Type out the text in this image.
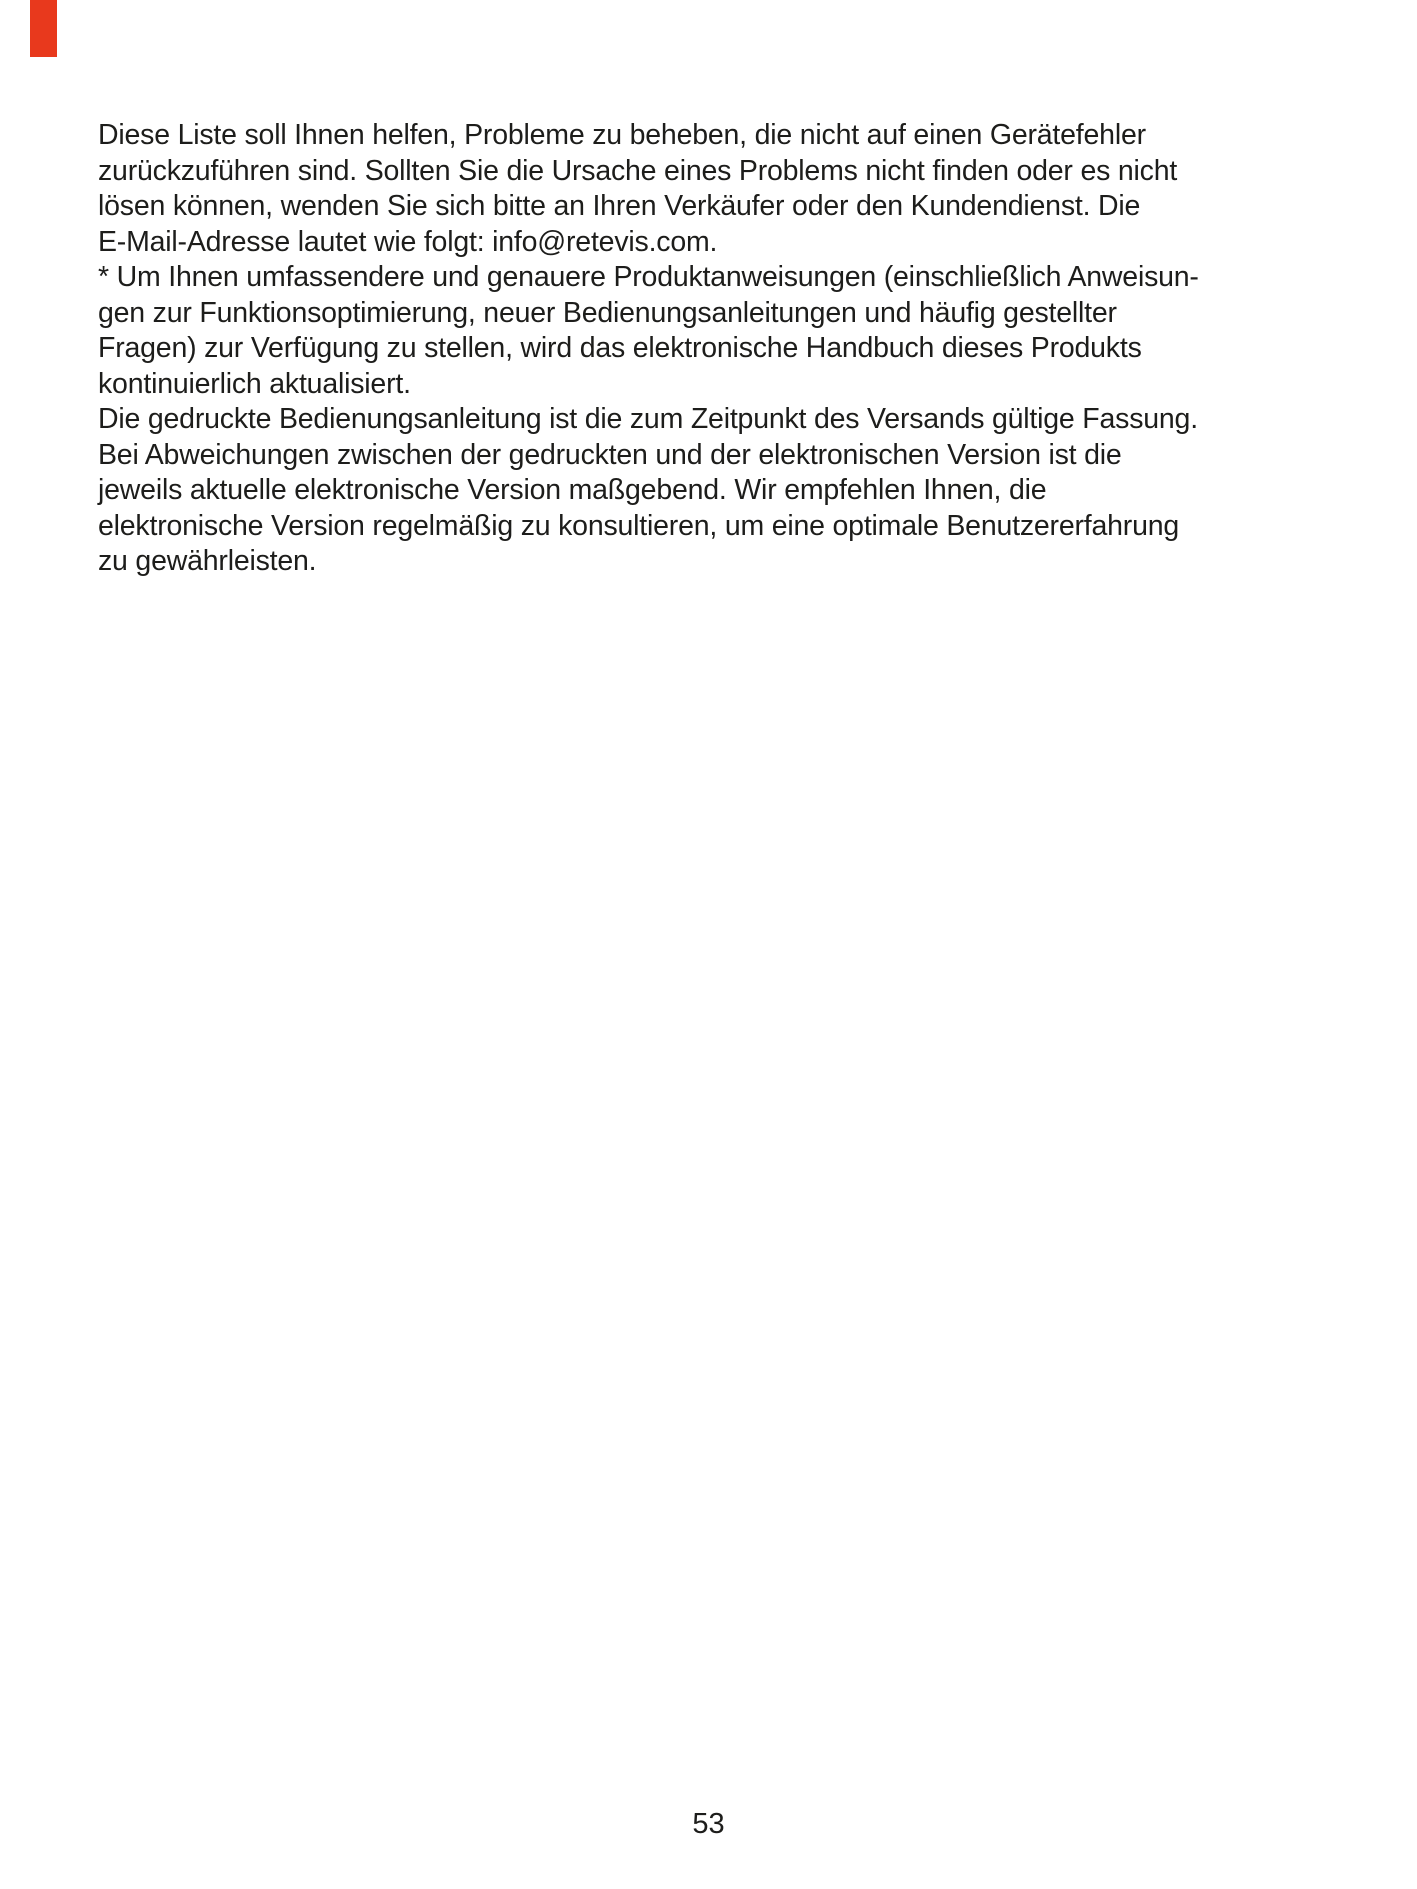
Diese Liste soll Ihnen helfen, Probleme zu beheben, die nicht auf einen Gerätefehler
zurückzuführen sind. Sollten Sie die Ursache eines Problems nicht finden oder es nicht
lösen können, wenden Sie sich bitte an Ihren Verkäufer oder den Kundendienst. Die
E-Mail-Adresse lautet wie folgt: info@retevis.com.
* Um Ihnen umfassendere und genauere Produktanweisungen (einschließlich Anweisun-
gen zur Funktionsoptimierung, neuer Bedienungsanleitungen und häufig gestellter
Fragen) zur Verfügung zu stellen, wird das elektronische Handbuch dieses Produkts
kontinuierlich aktualisiert.
Die gedruckte Bedienungsanleitung ist die zum Zeitpunkt des Versands gültige Fassung.
Bei Abweichungen zwischen der gedruckten und der elektronischen Version ist die
jeweils aktuelle elektronische Version maßgebend. Wir empfehlen Ihnen, die
elektronische Version regelmäßig zu konsultieren, um eine optimale Benutzererfahrung
zu gewährleisten.
53
